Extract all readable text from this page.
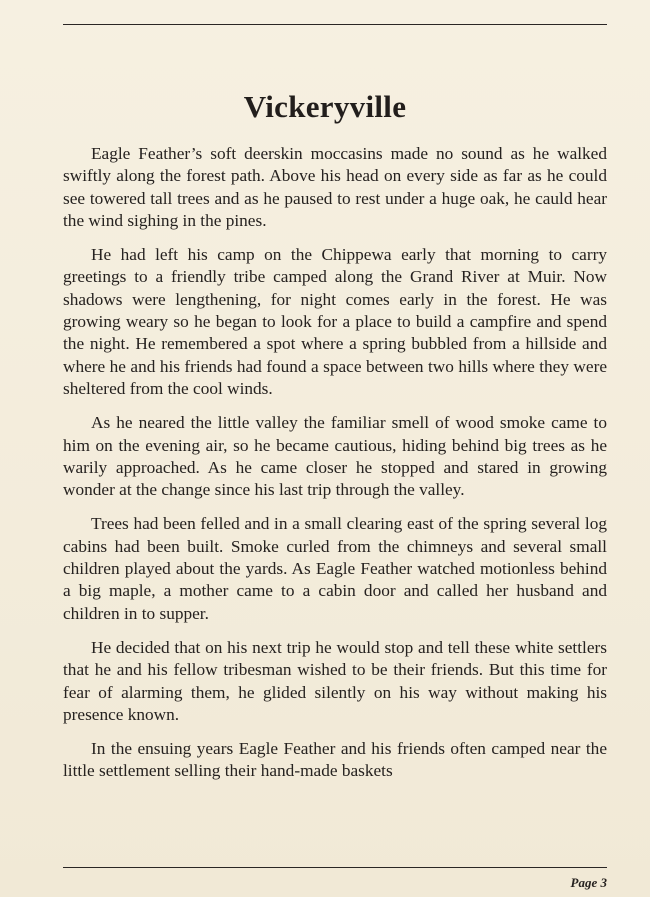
Vickeryville

Eagle Feather’s soft deerskin moccasins made no sound as he walked swiftly along the forest path. Above his head on every side as far as he could see towered tall trees and as he paused to rest under a huge oak, he cauld hear the wind sighing in the pines.

He had left his camp on the Chippewa early that morning to carry greetings to a friendly tribe camped along the Grand River at Muir. Now shadows were lengthening, for night comes early in the forest. He was growing weary so he began to look for a place to build a campfire and spend the night. He remembered a spot where a spring bubbled from a hillside and where he and his friends had found a space between two hills where they were sheltered from the cool winds.

As he neared the little valley the familiar smell of wood smoke came to him on the evening air, so he became cautious, hiding behind big trees as he warily approached. As he came closer he stopped and stared in growing wonder at the change since his last trip through the valley.

Trees had been felled and in a small clearing east of the spring several log cabins had been built. Smoke curled from the chimneys and several small children played about the yards. As Eagle Feather watched motionless behind a big maple, a mother came to a cabin door and called her husband and children in to supper.

He decided that on his next trip he would stop and tell these white settlers that he and his fellow tribesman wished to be their friends. But this time for fear of alarming them, he glided silently on his way without making his presence known.

In the ensuing years Eagle Feather and his friends often camped near the little settlement selling their hand-made baskets

Page 3
